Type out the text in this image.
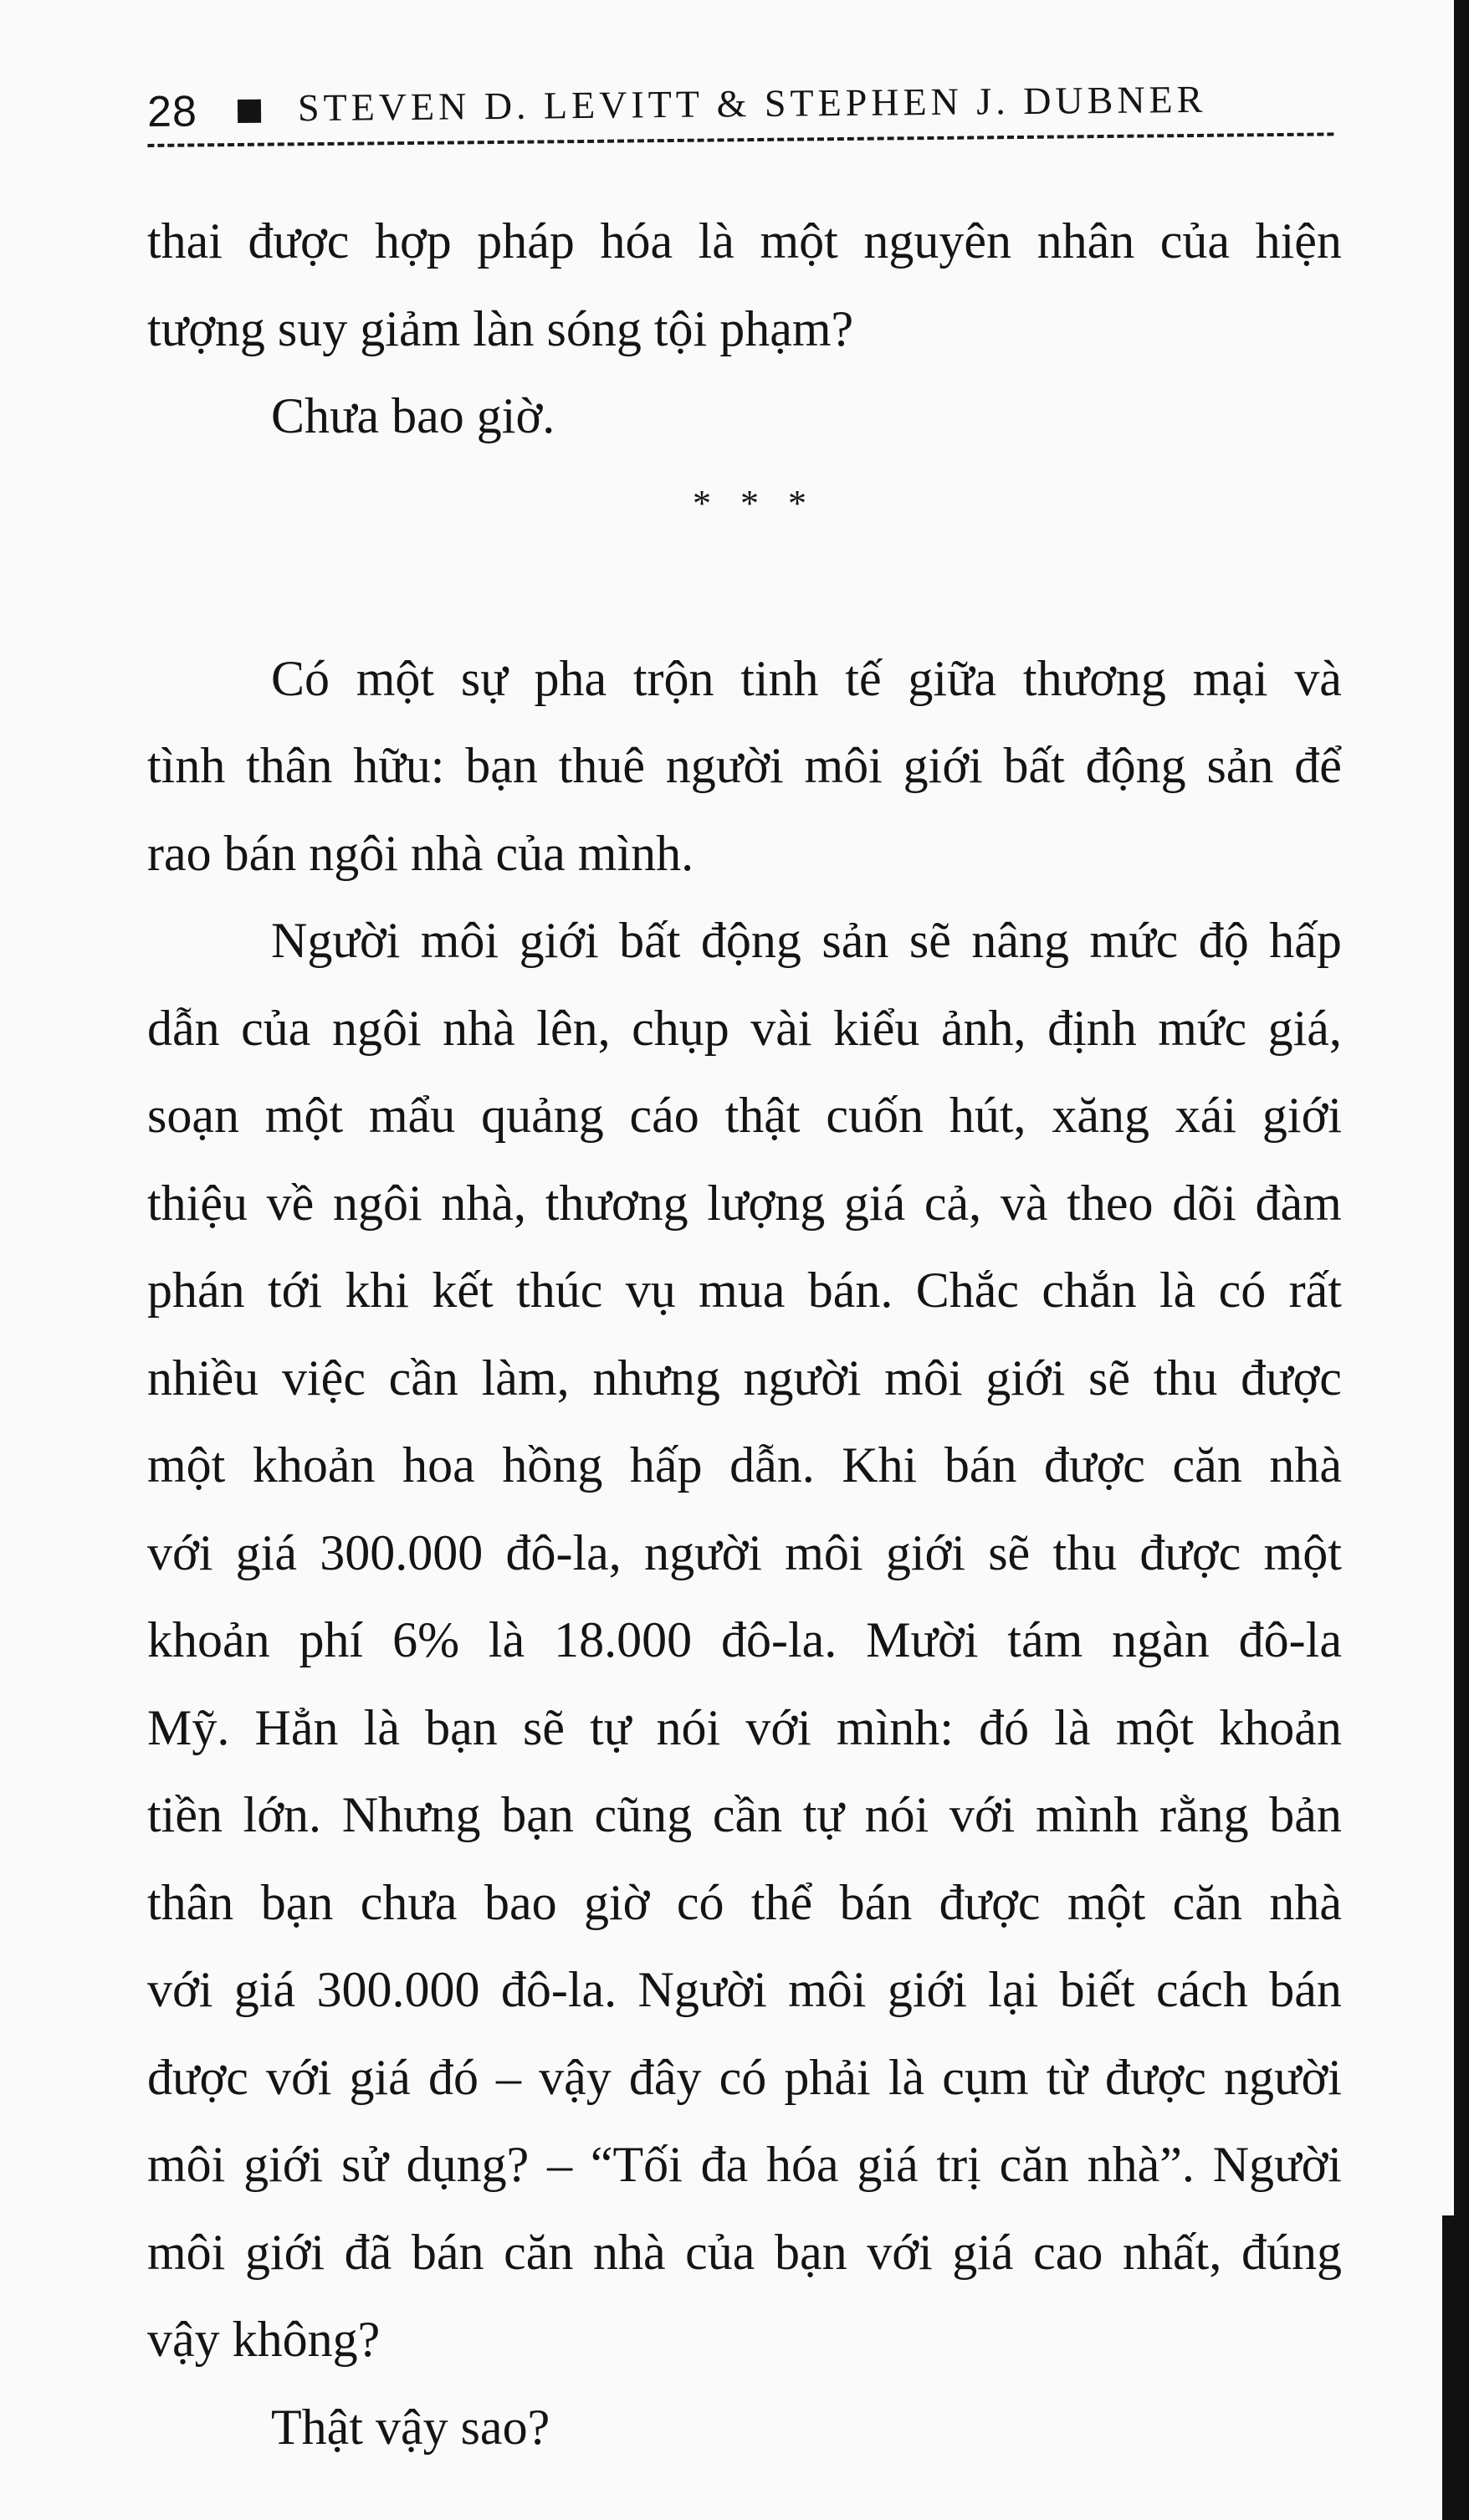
28	STEVEN D. LEVITT & STEPHEN J. DUBNER
thai được hợp pháp hóa là một nguyên nhân của hiện
tượng suy giảm làn sóng tội phạm?
Chưa bao giờ.
* * *
Có một sự pha trộn tinh tế giữa thương mại và
tình thân hữu: bạn thuê người môi giới bất động sản để
rao bán ngôi nhà của mình.
Người môi giới bất động sản sẽ nâng mức độ hấp
dẫn của ngôi nhà lên, chụp vài kiểu ảnh, định mức giá,
soạn một mẩu quảng cáo thật cuốn hút, xăng xái giới
thiệu về ngôi nhà, thương lượng giá cả, và theo dõi đàm
phán tới khi kết thúc vụ mua bán. Chắc chắn là có rất
nhiều việc cần làm, nhưng người môi giới sẽ thu được
một khoản hoa hồng hấp dẫn. Khi bán được căn nhà
với giá 300.000 đô-la, người môi giới sẽ thu được một
khoản phí 6% là 18.000 đô-la. Mười tám ngàn đô-la
Mỹ. Hẳn là bạn sẽ tự nói với mình: đó là một khoản
tiền lớn. Nhưng bạn cũng cần tự nói với mình rằng bản
thân bạn chưa bao giờ có thể bán được một căn nhà
với giá 300.000 đô-la. Người môi giới lại biết cách bán
được với giá đó – vậy đây có phải là cụm từ được người
môi giới sử dụng? – “Tối đa hóa giá trị căn nhà”. Người
môi giới đã bán căn nhà của bạn với giá cao nhất, đúng
vậy không?
Thật vậy sao?
